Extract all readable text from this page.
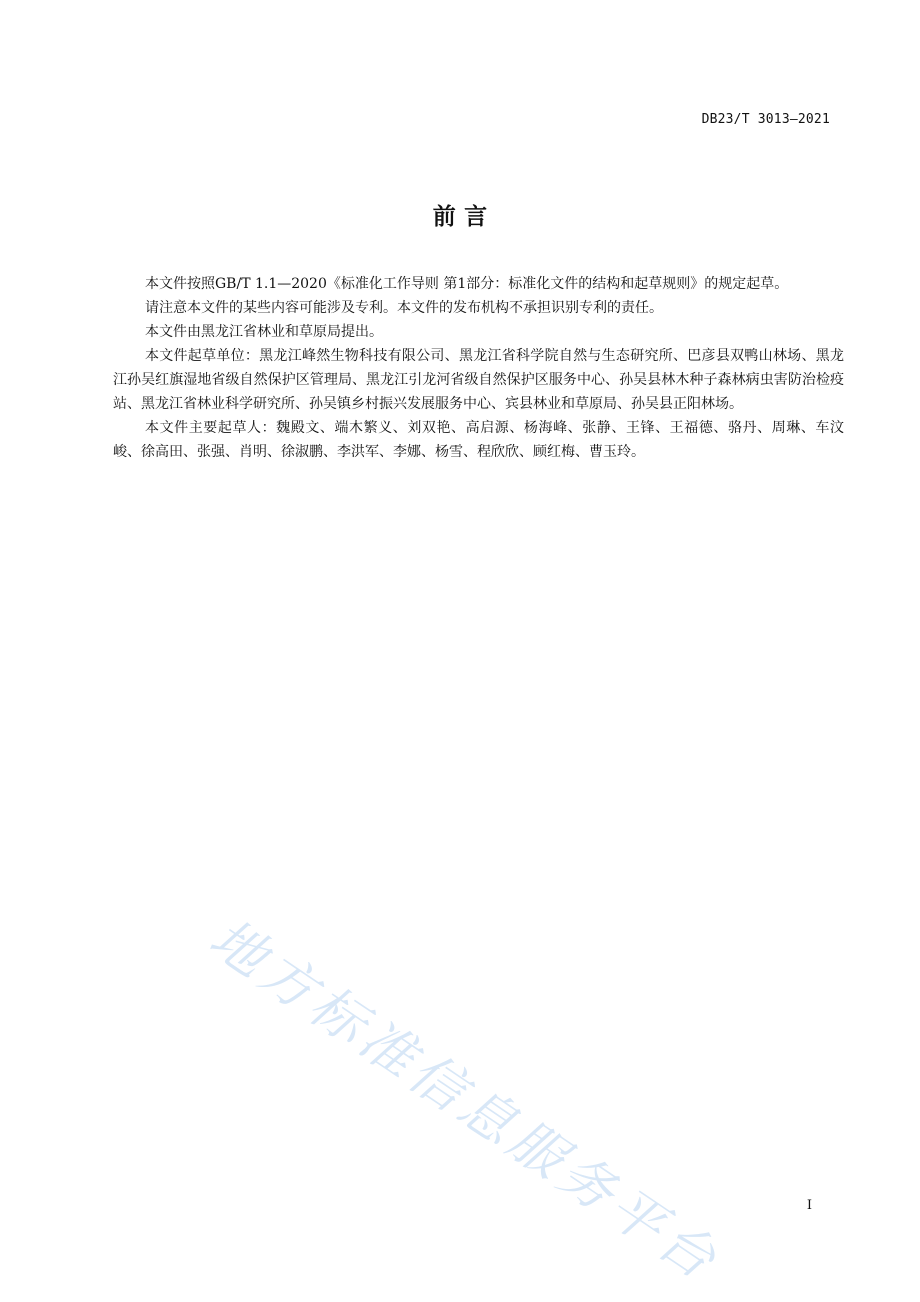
DB23/T 3013—2021
前 言

本文件按照GB/T 1.1—2020《标准化工作导则 第1部分：标准化文件的结构和起草规则》的规定起草。

请注意本文件的某些内容可能涉及专利。本文件的发布机构不承担识别专利的责任。

本文件由黑龙江省林业和草原局提出。

本文件起草单位：黑龙江峰然生物科技有限公司、黑龙江省科学院自然与生态研究所、巴彦县双鸭山林场、黑龙江孙吴红旗湿地省级自然保护区管理局、黑龙江引龙河省级自然保护区服务中心、孙吴县林木种子森林病虫害防治检疫站、黑龙江省林业科学研究所、孙吴镇乡村振兴发展服务中心、宾县林业和草原局、孙吴县正阳林场。

本文件主要起草人：魏殿文、端木繁义、刘双艳、高启源、杨海峰、张静、王锋、王福德、骆丹、周琳、车汶峻、徐高田、张强、肖明、徐淑鹏、李洪军、李娜、杨雪、程欣欣、顾红梅、曹玉玲。

地方标准信息服务平台	I
